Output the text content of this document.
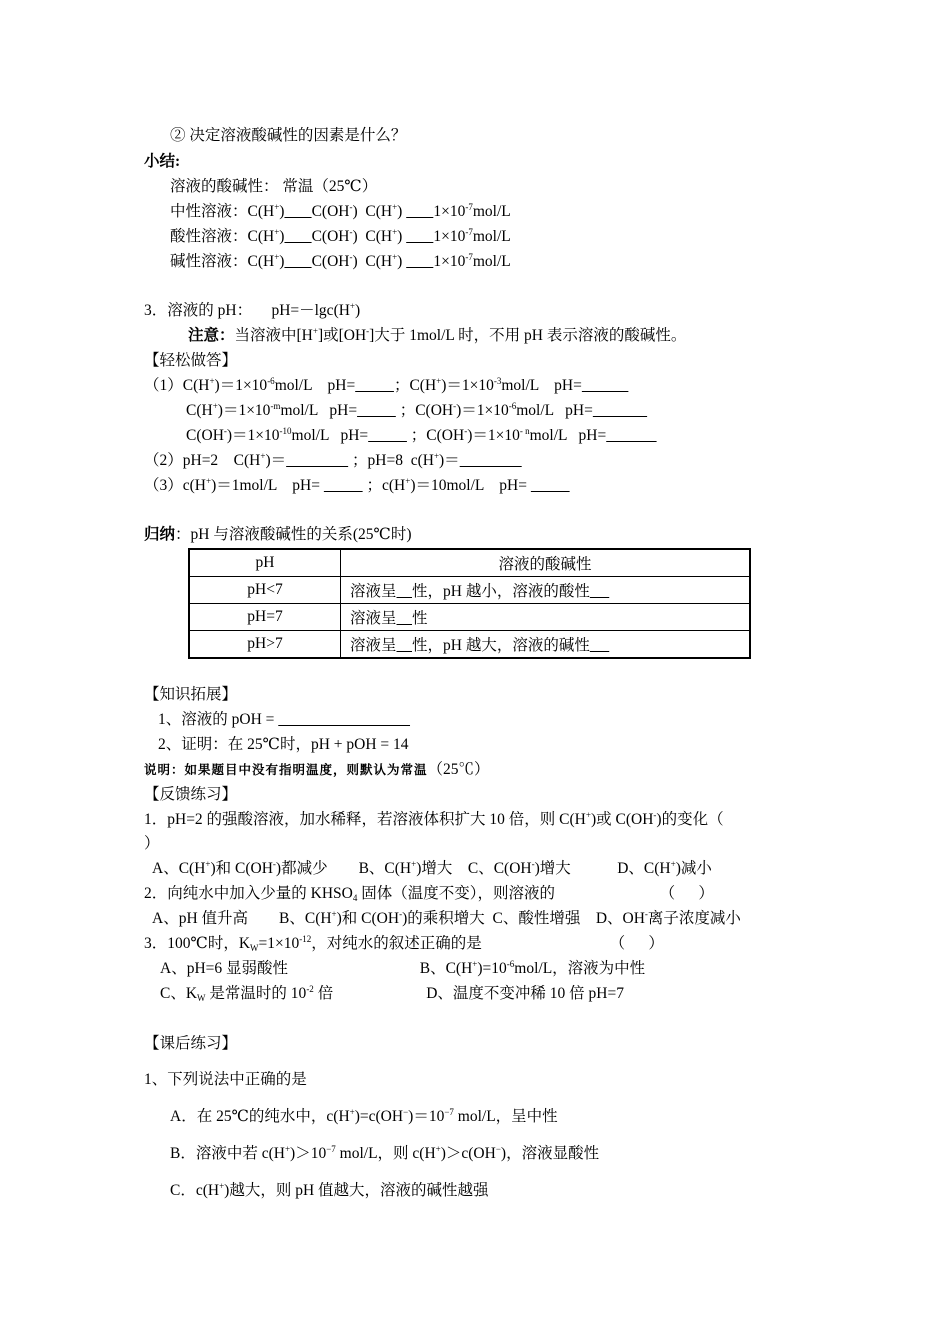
② 决定溶液酸碱性的因素是什么？
小结:
溶液的酸碱性： 常温（25℃）
中性溶液：C(H+)   C(OH-) C(H+)    $1\times 10^{-7}mol/L$
酸性溶液：C(H+)   C(OH-) C(H+)    $1\times 10^{-7}mol/L$
碱性溶液：C(H+)   C(OH-) C(H+)    $1\times 10^{-7}mol/L$
3．溶液的 pH：  pH=－lgc(H+)
注意：当溶液中[H+]或[OH-]大于 1mol/L 时，不用 pH 表示溶液的酸碱性。
【轻松做答】
$(1)C(H^+)=1\times 10^{-6}mol/L$   pH=   	；$C(H^+)=1\times 10^{-3}mol/L$   pH=   
$C(H^+)=1\times 10^{-m}mol/L$  pH=   	；$C(OH^-)=1\times 10^{-6}mol/L$  pH=    
$C(OH^-)=1\times 10^{-10}mol/L$  pH=   	；$C(OH^-)=1\times 10^{- n}mol/L$  pH=   
（2）pH=2   C(H+)＝    	；pH=8 c(H+)＝    
（3）c(H+)＝1mol/L   pH=    	；c(H+)＝10mol/L   pH=    
归纳：pH 与溶液酸碱性的关系(25℃时)
pH	溶液的酸碱性
pH<7	溶液呈  性，pH 越小，溶液的酸性  
pH=7	溶液呈  性
pH>7	溶液呈  性，pH 越大，溶液的碱性  
【知识拓展】
1、溶液的 pOH =          
2、证明：在 25℃时，pH + pOH = 14
说明：如果题目中没有指明温度，则默认为常温（25℃）
【反馈练习】
1．pH=2 的强酸溶液，加水稀释，若溶液体积扩大 10 倍，则 C(H+)或 C(OH-)的变化（
）
A、C(H+)和 C(OH-)都减少    B、C(H+)增大   C、C(OH-)增大     D、C(H+)减小
2．向纯水中加入少量的 $KHSO_4$ 固体（温度不变），则溶液的        （   ）
A、pH 值升高    B、C(H+)和 C(OH-)的乘积增大 C、酸性增强   D、OH-离子浓度减小
3．100℃时，$K_W=1\times 10^{-12}$，对纯水的叙述正确的是         （   ）
A、pH=6 显弱酸性          B、$C(H^+)=10^{-6}mol/L$，溶液为中性
C、$K_W$ 是常温时的 $10^{-2}$ 倍        D、温度不变冲稀 10 倍 pH=7
【课后练习】
1、下列说法中正确的是
A．在 25℃的纯水中，$c(H^+)=c(OH^-)=10^{-7}$ mol/L，呈中性
B．溶液中若 $c(H^+)>10^{-7}$ mol/L，则 c(H+)＞c(OH−)，溶液显酸性
C．c(H+)越大，则 pH 值越大，溶液的碱性越强
